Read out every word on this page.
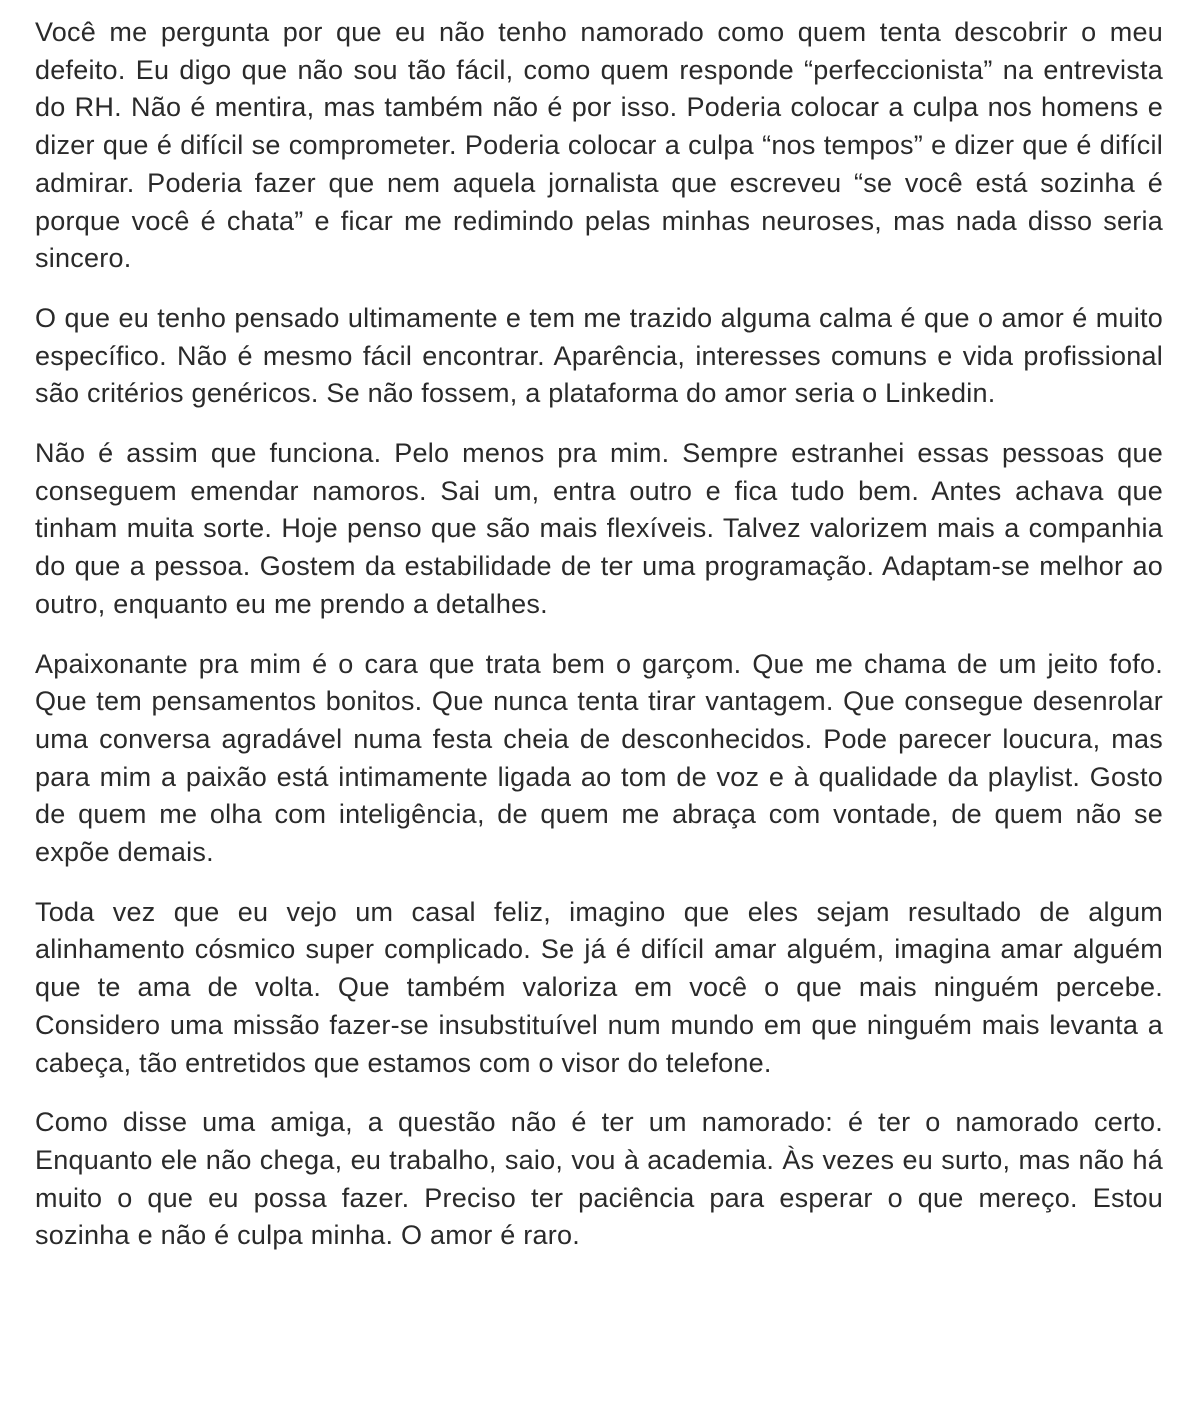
Você me pergunta por que eu não tenho namorado como quem tenta descobrir o meu defeito. Eu digo que não sou tão fácil, como quem responde “perfeccionista” na entrevista do RH. Não é mentira, mas também não é por isso. Poderia colocar a culpa nos homens e dizer que é difícil se comprometer. Poderia colocar a culpa “nos tempos” e dizer que é difícil admirar. Poderia fazer que nem aquela jornalista que escreveu “se você está sozinha é porque você é chata” e ficar me redimindo pelas minhas neuroses, mas nada disso seria sincero.

O que eu tenho pensado ultimamente e tem me trazido alguma calma é que o amor é muito específico. Não é mesmo fácil encontrar. Aparência, interesses comuns e vida profissional são critérios genéricos. Se não fossem, a plataforma do amor seria o Linkedin.

Não é assim que funciona. Pelo menos pra mim. Sempre estranhei essas pessoas que conseguem emendar namoros. Sai um, entra outro e fica tudo bem. Antes achava que tinham muita sorte. Hoje penso que são mais flexíveis. Talvez valorizem mais a companhia do que a pessoa. Gostem da estabilidade de ter uma programação. Adaptam-se melhor ao outro, enquanto eu me prendo a detalhes.

Apaixonante pra mim é o cara que trata bem o garçom. Que me chama de um jeito fofo. Que tem pensamentos bonitos. Que nunca tenta tirar vantagem. Que consegue desenrolar uma conversa agradável numa festa cheia de desconhecidos. Pode parecer loucura, mas para mim a paixão está intimamente ligada ao tom de voz e à qualidade da playlist. Gosto de quem me olha com inteligência, de quem me abraça com vontade, de quem não se expõe demais.

Toda vez que eu vejo um casal feliz, imagino que eles sejam resultado de algum alinhamento cósmico super complicado. Se já é difícil amar alguém, imagina amar alguém que te ama de volta. Que também valoriza em você o que mais ninguém percebe. Considero uma missão fazer-se insubstituível num mundo em que ninguém mais levanta a cabeça, tão entretidos que estamos com o visor do telefone.

Como disse uma amiga, a questão não é ter um namorado: é ter o namorado certo. Enquanto ele não chega, eu trabalho, saio, vou à academia. Às vezes eu surto, mas não há muito o que eu possa fazer. Preciso ter paciência para esperar o que mereço. Estou sozinha e não é culpa minha. O amor é raro.
